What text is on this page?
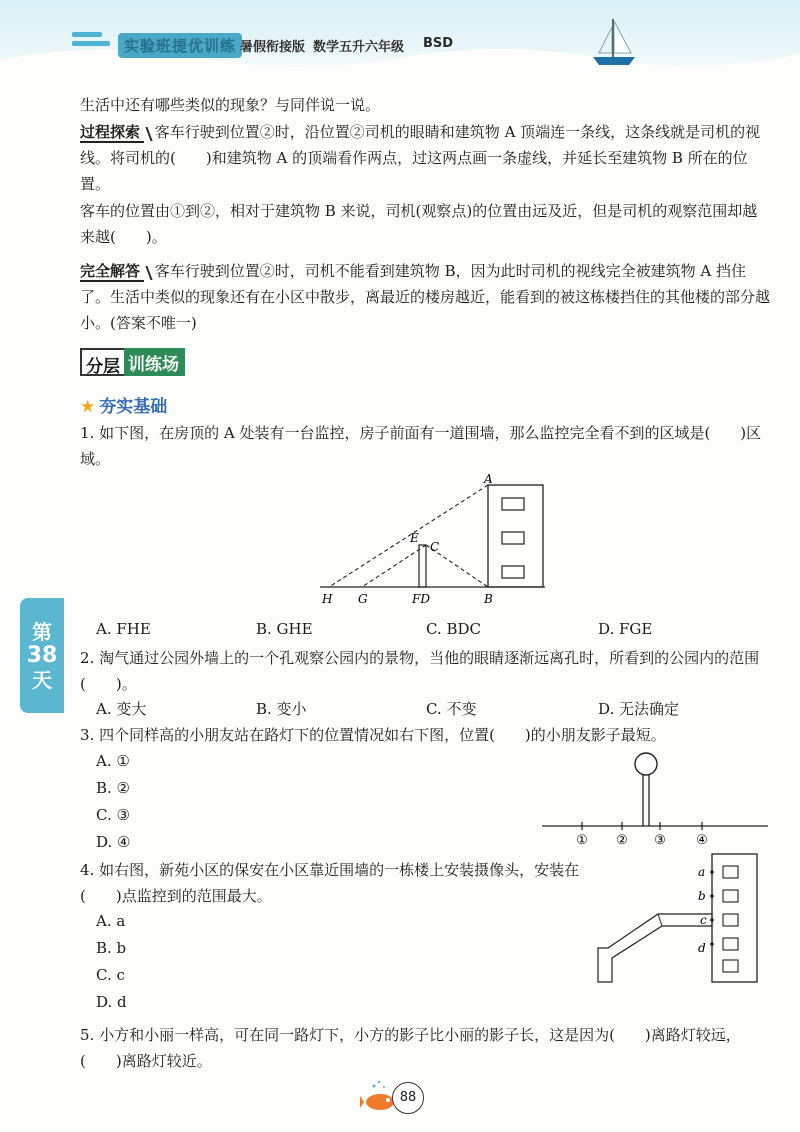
实验班提优训练 暑假衔接版 数学五升六年级 BSD

生活中还有哪些类似的现象？与同伴说一说。

过程探索 客车行驶到位置②时，沿位置②司机的眼睛和建筑物 A 顶端连一条线，这条线就是司机的视线。将司机的(　　)和建筑物 A 的顶端看作两点，过这两点画一条虚线，并延长至建筑物 B 所在的位置。

客车的位置由①到②，相对于建筑物 B 来说，司机(观察点)的位置由远及近，但是司机的观察范围却越来越(　　)。

完全解答 客车行驶到位置②时，司机不能看到建筑物 B，因为此时司机的视线完全被建筑物 A 挡住了。生活中类似的现象还有在小区中散步，离最近的楼房越近，能看到的被这栋楼挡住的其他楼的部分越小。(答案不唯一)

分层 训练场
★ 夯实基础
1. 如下图，在房顶的 A 处装有一台监控，房子前面有一道围墙，那么监控完全看不到的区域是(　　)区域。
A
E
C
H G	FD	B
A. FHE	B. GHE	C. BDC	D. FGE
第
38
天
2. 淘气通过公园外墙上的一个孔观察公园内的景物，当他的眼睛逐渐远离孔时，所看到的公园内的范围(　　)。
A. 变大	B. 变小	C. 不变	D. 无法确定
3. 四个同样高的小朋友站在路灯下的位置情况如右下图，位置(　　)的小朋友影子最短。
A. ①
B. ②
C. ③
D. ④	① ② ③ ④
4. 如右图，新苑小区的保安在小区靠近围墙的一栋楼上安装摄像头，安装在(　　)点监控到的范围最大。
A. a
B. b
C. c
D. d
a
b
c
d
5. 小方和小丽一样高，可在同一路灯下，小方的影子比小丽的影子长，这是因为(　　)离路灯较远，(　　)离路灯较近。
88
